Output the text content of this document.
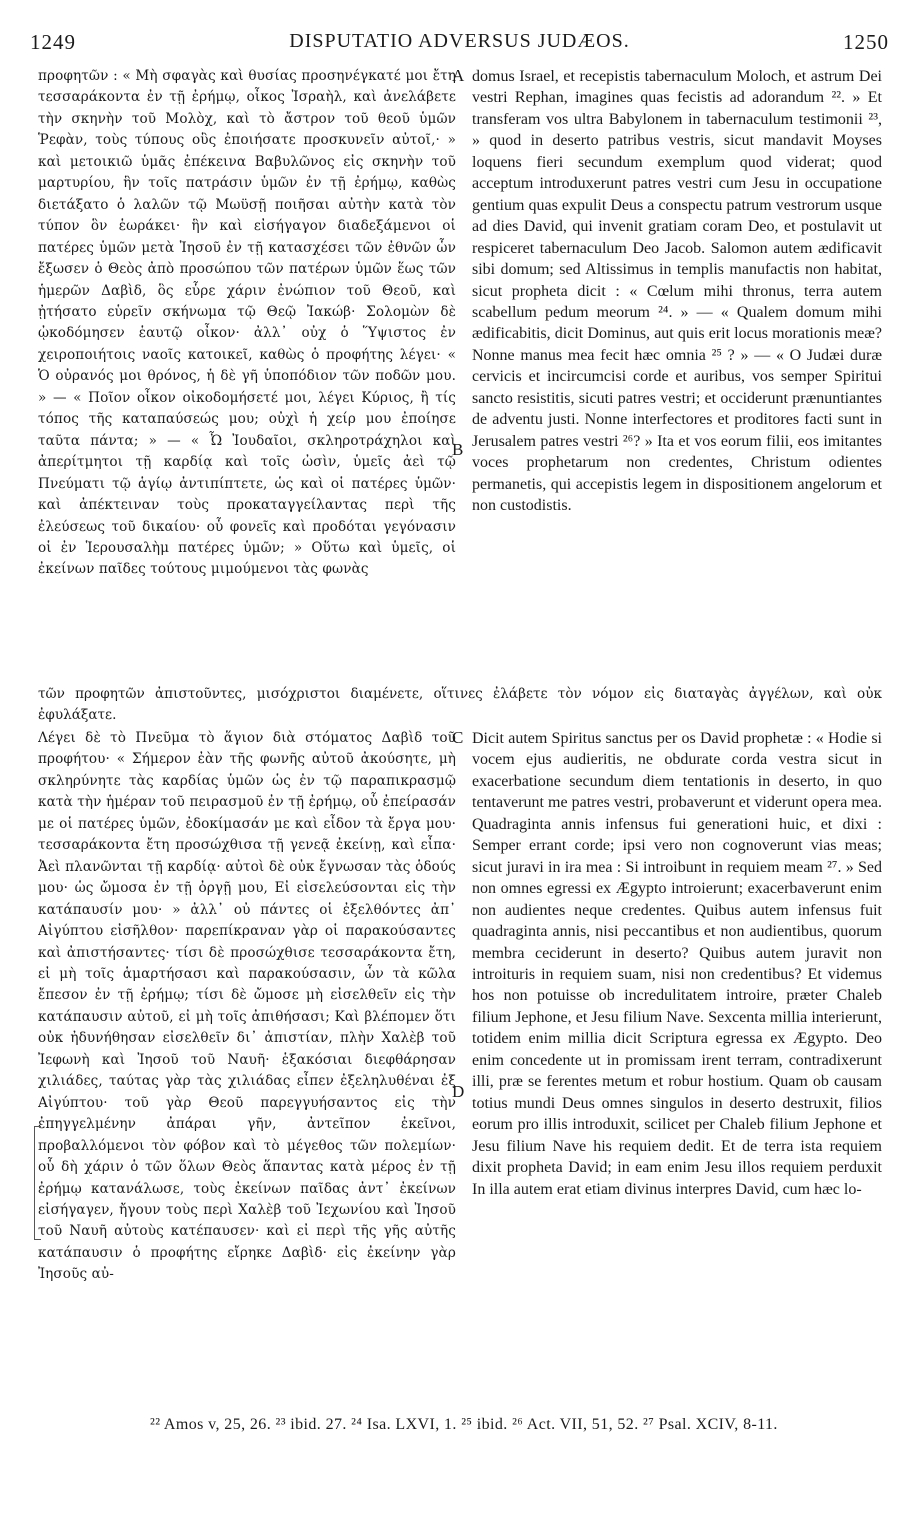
1249	DISPUTATIO ADVERSUS JUDÆOS.	1250
A
B
C
D
προφητῶν : « Μὴ σφαγὰς καὶ θυσίας προσηνέγκατέ μοι ἔτη τεσσαράκοντα ἐν τῇ ἐρήμῳ, οἶκος Ἰσραὴλ, καὶ ἀνελάβετε τὴν σκηνὴν τοῦ Μολὸχ, καὶ τὸ ἄστρον τοῦ θεοῦ ὑμῶν Ῥεφὰν, τοὺς τύπους οὓς ἐποιήσατε προσκυνεῖν αὐτοῖ,· » καὶ μετοικιῶ ὑμᾶς ἐπέκεινα Βαβυλῶνος εἰς σκηνὴν τοῦ μαρτυρίου, ἣν τοῖς πατράσιν ὑμῶν ἐν τῇ ἐρήμῳ, καθὼς διετάξατο ὁ λαλῶν τῷ Μωϋσῇ ποιῆσαι αὐτὴν κατὰ τὸν τύπον ὃν ἑωράκει· ἣν καὶ εἰσήγαγον διαδεξάμενοι οἱ πατέρες ὑμῶν μετὰ Ἰησοῦ ἐν τῇ κατασχέσει τῶν ἐθνῶν ὧν ἔξωσεν ὁ Θεὸς ἀπὸ προσώπου τῶν πατέρων ὑμῶν ἕως τῶν ἡμερῶν Δαβὶδ, ὃς εὗρε χάριν ἐνώπιον τοῦ Θεοῦ, καὶ ᾐτήσατο εὑρεῖν σκήνωμα τῷ Θεῷ Ἰακώβ· Σολομὼν δὲ ᾠκοδόμησεν ἑαυτῷ οἶκον· ἀλλ᾽ οὐχ ὁ Ὕψιστος ἐν χειροποιήτοις ναοῖς κατοικεῖ, καθὼς ὁ προφήτης λέγει· « Ὁ οὐρανός μοι θρόνος, ἡ δὲ γῆ ὑποπόδιον τῶν ποδῶν μου. » — « Ποῖον οἶκον οἰκοδομήσετέ μοι, λέγει Κύριος, ἢ τίς τόπος τῆς καταπαύσεώς μου; οὐχὶ ἡ χείρ μου ἐποίησε ταῦτα πάντα; » — « Ὦ Ἰουδαῖοι, σκληροτράχηλοι καὶ ἀπερίτμητοι τῇ καρδίᾳ καὶ τοῖς ὠσὶν, ὑμεῖς ἀεὶ τῷ Πνεύματι τῷ ἁγίῳ ἀντιπίπτετε, ὡς καὶ οἱ πατέρες ὑμῶν· καὶ ἀπέκτειναν τοὺς προκαταγγείλαντας περὶ τῆς ἐλεύσεως τοῦ δικαίου· οὗ φονεῖς καὶ προδόται γεγόνασιν οἱ ἐν Ἱερουσαλὴμ πατέρες ὑμῶν; » Οὕτω καὶ ὑμεῖς, οἱ ἐκείνων παῖδες τούτους μιμούμενοι τὰς φωνὰς
domus Israel, et recepistis tabernaculum Moloch, et astrum Dei vestri Rephan, imagines quas fecistis ad adorandum ²². » Et transferam vos ultra Babylonem in tabernaculum testimonii ²³, » quod in deserto patribus vestris, sicut mandavit Moyses loquens fieri secundum exemplum quod viderat; quod acceptum introduxerunt patres vestri cum Jesu in occupatione gentium quas expulit Deus a conspectu patrum vestrorum usque ad dies David, qui invenit gratiam coram Deo, et postulavit ut respiceret tabernaculum Deo Jacob. Salomon autem ædificavit sibi domum; sed Altissimus in templis manufactis non habitat, sicut propheta dicit : « Cœlum mihi thronus, terra autem scabellum pedum meorum ²⁴. » — « Qualem domum mihi ædificabitis, dicit Dominus, aut quis erit locus morationis meæ? Nonne manus mea fecit hæc omnia ²⁵ ? » — « O Judæi duræ cervicis et incircumcisi corde et auribus, vos semper Spiritui sancto resistitis, sicuti patres vestri; et occiderunt prænuntiantes de adventu justi. Nonne interfectores et proditores facti sunt in Jerusalem patres vestri ²⁶? » Ita et vos eorum filii, eos imitantes voces prophetarum non credentes, Christum odientes permanetis, qui accepistis legem in dispositionem angelorum et non custodistis.
τῶν προφητῶν ἀπιστοῦντες, μισόχριστοι διαμένετε, οἵτινες ἐλάβετε τὸν νόμον εἰς διαταγὰς ἀγγέλων, καὶ οὐκ ἐφυλάξατε.
Λέγει δὲ τὸ Πνεῦμα τὸ ἅγιον διὰ στόματος Δαβὶδ τοῦ προφήτου· « Σήμερον ἐὰν τῆς φωνῆς αὐτοῦ ἀκούσητε, μὴ σκληρύνητε τὰς καρδίας ὑμῶν ὡς ἐν τῷ παραπικρασμῷ κατὰ τὴν ἡμέραν τοῦ πειρασμοῦ ἐν τῇ ἐρήμῳ, οὗ ἐπείρασάν με οἱ πατέρες ὑμῶν, ἐδοκίμασάν με καὶ εἶδον τὰ ἔργα μου· τεσσαράκοντα ἔτη προσώχθισα τῇ γενεᾷ ἐκείνῃ, καὶ εἶπα· Ἀεὶ πλανῶνται τῇ καρδίᾳ· αὐτοὶ δὲ οὐκ ἔγνωσαν τὰς ὁδούς μου· ὡς ὤμοσα ἐν τῇ ὀργῇ μου, Εἰ εἰσελεύσονται εἰς τὴν κατάπαυσίν μου· » ἀλλ᾽ οὐ πάντες οἱ ἐξελθόντες ἀπ᾽ Αἰγύπτου εἰσῆλθον· παρεπίκραναν γὰρ οἱ παρακούσαντες καὶ ἀπιστήσαντες· τίσι δὲ προσώχθισε τεσσαράκοντα ἔτη, εἰ μὴ τοῖς ἁμαρτήσασι καὶ παρακούσασιν, ὧν τὰ κῶλα ἔπεσον ἐν τῇ ἐρήμῳ; τίσι δὲ ὤμοσε μὴ εἰσελθεῖν εἰς τὴν κατάπαυσιν αὐτοῦ, εἰ μὴ τοῖς ἀπιθήσασι; Καὶ βλέπομεν ὅτι οὐκ ἠδυνήθησαν εἰσελθεῖν δι᾽ ἀπιστίαν, πλὴν Χαλὲβ τοῦ Ἰεφωνὴ καὶ Ἰησοῦ τοῦ Ναυῆ· ἑξακόσιαι διεφθάρησαν χιλιάδες, ταύτας γὰρ τὰς χιλιάδας εἶπεν ἐξεληλυθέναι ἐξ Αἰγύπτου· τοῦ γὰρ Θεοῦ παρεγγυήσαντος εἰς τὴν ἐπηγγελμένην ἀπάραι γῆν, ἀντεῖπον ἐκεῖνοι, προβαλλόμενοι τὸν φόβον καὶ τὸ μέγεθος τῶν πολεμίων· οὗ δὴ χάριν ὁ τῶν ὅλων Θεὸς ἅπαντας κατὰ μέρος ἐν τῇ ἐρήμῳ κατανάλωσε, τοὺς ἐκείνων παῖδας ἀντ᾽ ἐκείνων εἰσήγαγεν, ἤγουν τοὺς περὶ Χαλὲβ τοῦ Ἰεχωνίου καὶ Ἰησοῦ τοῦ Ναυῆ αὐτοὺς κατέπαυσεν· καὶ εἰ περὶ τῆς γῆς αὐτῆς κατάπαυσιν ὁ προφήτης εἴρηκε Δαβὶδ· εἰς ἐκείνην γὰρ Ἰησοῦς αὐ-
Dicit autem Spiritus sanctus per os David prophetæ : « Hodie si vocem ejus audieritis, ne obdurate corda vestra sicut in exacerbatione secundum diem tentationis in deserto, in quo tentaverunt me patres vestri, probaverunt et viderunt opera mea. Quadraginta annis infensus fui generationi huic, et dixi : Semper errant corde; ipsi vero non cognoverunt vias meas; sicut juravi in ira mea : Si introibunt in requiem meam ²⁷. » Sed non omnes egressi ex Ægypto introierunt; exacerbaverunt enim non audientes neque credentes. Quibus autem infensus fuit quadraginta annis, nisi peccantibus et non audientibus, quorum membra ceciderunt in deserto? Quibus autem juravit non introituris in requiem suam, nisi non credentibus? Et videmus hos non potuisse ob incredulitatem introire, præter Chaleb filium Jephone, et Jesu filium Nave. Sexcenta millia interierunt, totidem enim millia dicit Scriptura egressa ex Ægypto. Deo enim concedente ut in promissam irent terram, contradixerunt illi, præ se ferentes metum et robur hostium. Quam ob causam totius mundi Deus omnes singulos in deserto destruxit, filios eorum pro illis introduxit, scilicet per Chaleb filium Jephone et Jesu filium Nave his requiem dedit. Et de terra ista requiem dixit propheta David; in eam enim Jesu illos requiem perduxit In illa autem erat etiam divinus interpres David, cum hæc lo-
²² Amos v, 25, 26. ²³ ibid. 27. ²⁴ Isa. LXVI, 1. ²⁵ ibid. ²⁶ Act. VII, 51, 52. ²⁷ Psal. XCIV, 8-11.
